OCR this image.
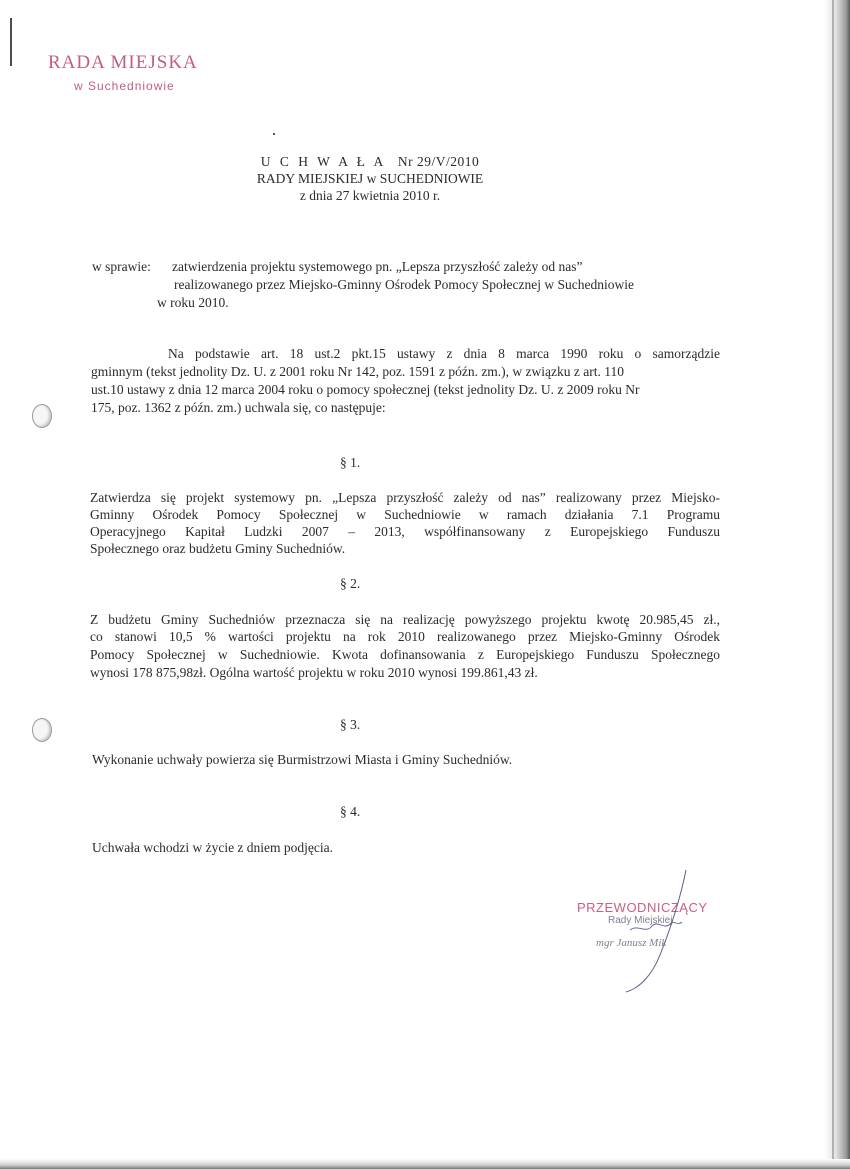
RADA MIEJSKA
w Suchedniowie
U C H W A Ł A Nr 29/V/2010
RADY MIEJSKIEJ w SUCHEDNIOWIE
z dnia 27 kwietnia 2010 r.
w sprawie: zatwierdzenia projektu systemowego pn. „Lepsza przyszłość zależy od nas”
realizowanego przez Miejsko-Gminny Ośrodek Pomocy Społecznej w Suchedniowie
w roku 2010.
Na podstawie art. 18 ust.2 pkt.15 ustawy z dnia 8 marca 1990 roku o samorządzie
gminnym (tekst jednolity Dz. U. z 2001 roku Nr 142, poz. 1591 z późn. zm.), w związku z art. 110
ust.10 ustawy z dnia 12 marca 2004 roku o pomocy społecznej (tekst jednolity Dz. U. z 2009 roku Nr
175, poz. 1362 z późn. zm.) uchwala się, co następuje:
§ 1.
Zatwierdza się projekt systemowy pn. „Lepsza przyszłość zależy od nas” realizowany przez Miejsko-
Gminny Ośrodek Pomocy Społecznej w Suchedniowie w ramach działania 7.1 Programu
Operacyjnego Kapitał Ludzki 2007 – 2013, współfinansowany z Europejskiego Funduszu
Społecznego oraz budżetu Gminy Suchedniów.
§ 2.
Z budżetu Gminy Suchedniów przeznacza się na realizację powyższego projektu kwotę 20.985,45 zł.,
co stanowi 10,5 % wartości projektu na rok 2010 realizowanego przez Miejsko-Gminny Ośrodek
Pomocy Społecznej w Suchedniowie. Kwota dofinansowania z Europejskiego Funduszu Społecznego
wynosi 178 875,98zł. Ogólna wartość projektu w roku 2010 wynosi 199.861,43 zł.
§ 3.
Wykonanie uchwały powierza się Burmistrzowi Miasta i Gminy Suchedniów.
§ 4.
Uchwała wchodzi w życie z dniem podjęcia.
PRZEWODNICZĄCY
Rady Miejskiej
mgr Janusz Mik
